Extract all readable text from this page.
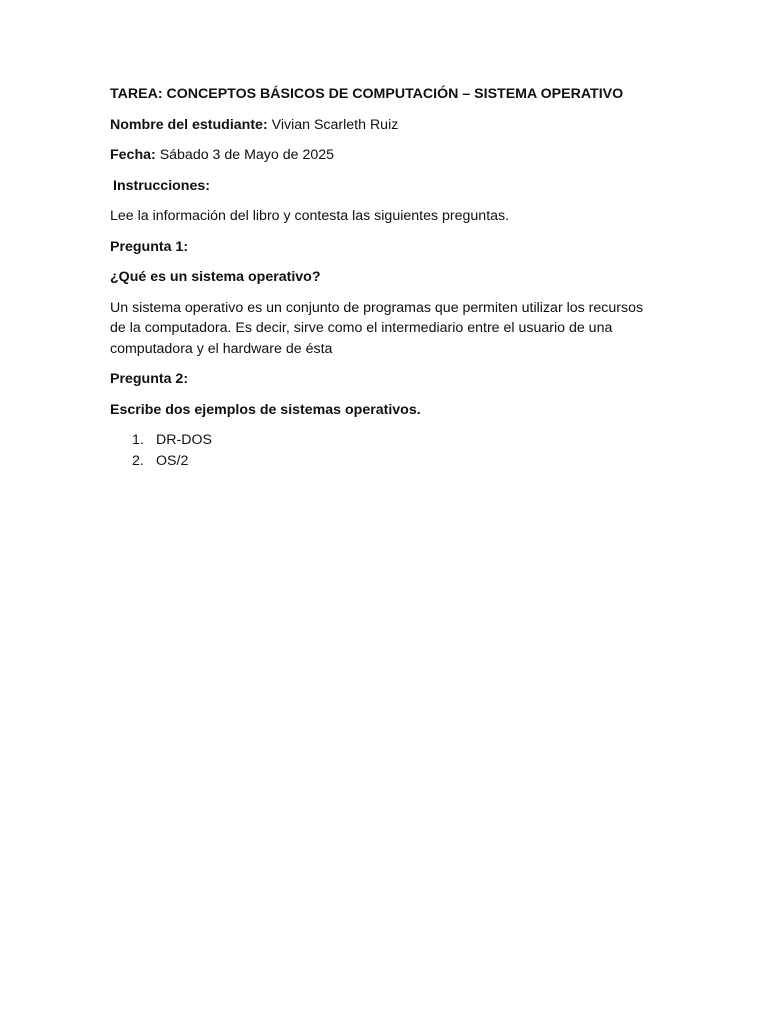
TAREA: CONCEPTOS BÁSICOS DE COMPUTACIÓN – SISTEMA OPERATIVO

Nombre del estudiante: Vivian Scarleth Ruiz

Fecha: Sábado 3 de Mayo de 2025

Instrucciones:

Lee la información del libro y contesta las siguientes preguntas.

Pregunta 1:

¿Qué es un sistema operativo?

Un sistema operativo es un conjunto de programas que permiten utilizar los recursos de la computadora. Es decir, sirve como el intermediario entre el usuario de una computadora y el hardware de ésta

Pregunta 2:

Escribe dos ejemplos de sistemas operativos.

1. DR-DOS
2. OS/2
